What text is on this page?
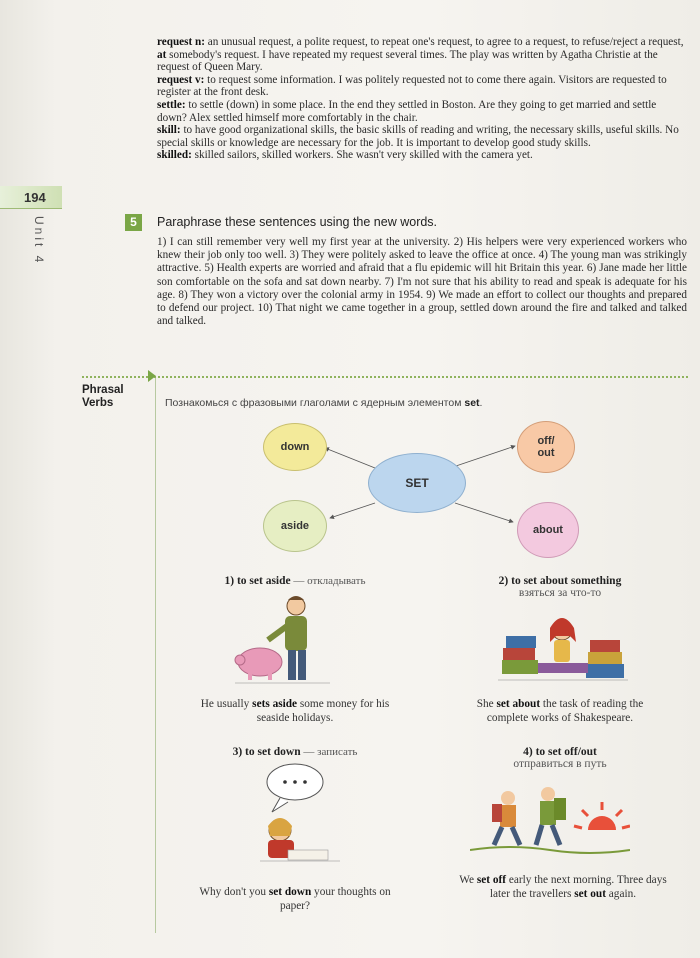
request n: an unusual request, a polite request, to repeat one's request, to agree to a request, to refuse/reject a request, at somebody's request. I have repeated my request several times. The play was written by Agatha Christie at the request of Queen Mary.

request v: to request some information. I was politely requested not to come there again. Visitors are requested to register at the front desk.

settle: to settle (down) in some place. In the end they settled in Boston. Are they going to get married and settle down? Alex settled himself more comfortably in the chair.

skill: to have good organizational skills, the basic skills of reading and writing, the necessary skills, useful skills. No special skills or knowledge are necessary for the job. It is important to develop good study skills.

skilled: skilled sailors, skilled workers. She wasn't very skilled with the camera yet.

194
Unit 4	5	Paraphrase these sentences using the new words.
1) I can still remember very well my first year at the university. 2) His helpers were very experienced workers who knew their job only too well. 3) They were politely asked to leave the office at once. 4) The young man was strikingly attractive. 5) Health experts are worried and afraid that a flu epidemic will hit Britain this year. 6) Jane made her little son comfortable on the sofa and sat down nearby. 7) I'm not sure that his ability to read and speak is adequate for his age. 8) They won a victory over the colonial army in 1954. 9) We made an effort to collect our thoughts and prepared to defend our project. 10) That night we came together in a group, settled down around the fire and talked and talked and talked.
Phrasal
Verbs	Познакомься с фразовыми глаголами с ядерным элементом set.
down	off/ out
SET
aside	about
1) to set aside — откладывать
He usually sets aside some money for his seaside holidays.
2) to set about something
взяться за что-то
She set about the task of reading the complete works of Shakespeare.
3) to set down — записать
Why don't you set down your thoughts on paper?
4) to set off/out
отправиться в путь
We set off early the next morning. Three days later the travellers set out again.
